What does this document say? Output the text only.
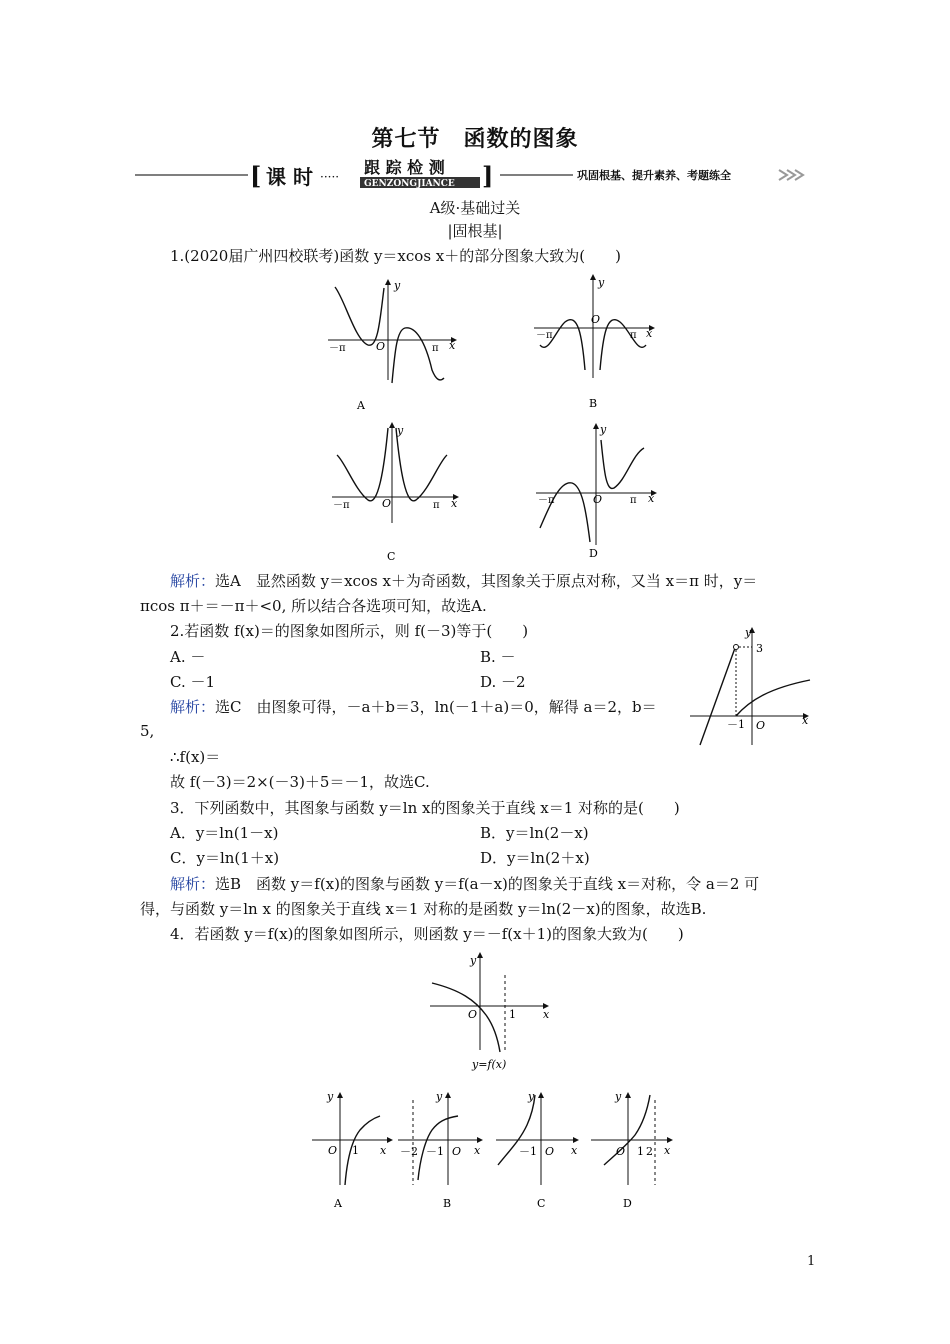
第七节　函数的图象
[ 课 时 ····· 跟 踪 检 测
GENZONGJIANCE ]	巩固根基、提升素养、考题练全
A级·基础过关
|固根基|
1.(2020届广州四校联考)函数 y＝xcos x＋的部分图象大致为(　　)
y
x
O
－π	π
A
y
x
O
－π	π
B
y
x
O
－π	π
C
y
x
O
－π	π
D
解析：选A　显然函数 y＝xcos x＋为奇函数，其图象关于原点对称，又当 x＝π 时，y＝
πcos π＋＝－π＋<0, 所以结合各选项可知，故选A.
2.若函数 f(x)＝的图象如图所示，则 f(－3)等于(　　)
A. －	B. －
C. －1	D. －2
解析：选C　由图象可得，－a＋b＝3，ln(－1＋a)＝0，解得 a＝2，b＝
5,
∴f(x)＝
故 f(－3)＝2×(－3)＋5＝－1，故选C.
y
x
O
3
－1
3．下列函数中，其图象与函数 y＝ln x的图象关于直线 x＝1 对称的是(　　)
A．y＝ln(1－x)	B．y＝ln(2－x)
C．y＝ln(1＋x)	D．y＝ln(2＋x)
解析：选B　函数 y＝f(x)的图象与函数 y＝f(a－x)的图象关于直线 x＝对称，令 a＝2 可
得，与函数 y＝ln x 的图象关于直线 x＝1 对称的是函数 y＝ln(2－x)的图象，故选B.
4．若函数 y＝f(x)的图象如图所示，则函数 y＝－f(x＋1)的图象大致为(　　)
y
x
O	1
y=f(x)
y
x
O 1
A
y
x
－2 －1 O
B
y
x
－1 O
C
y
x
O 1 2
D
1
